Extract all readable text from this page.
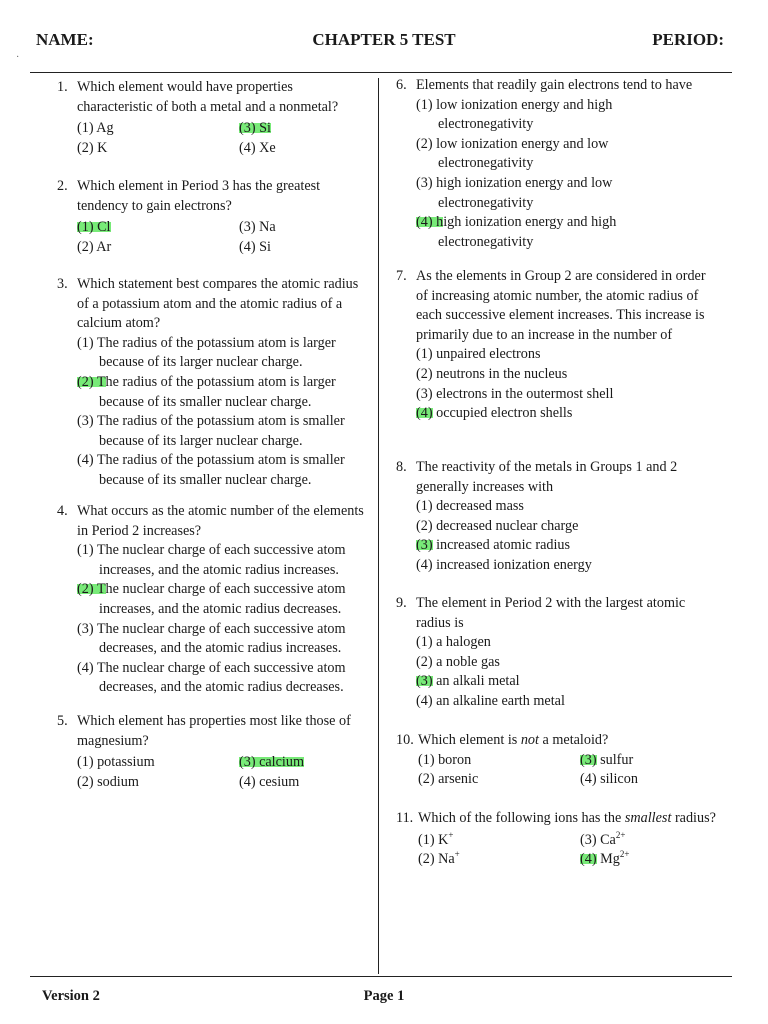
NAME:	CHAPTER 5 TEST	PERIOD:
·
1. Which element would have properties characteristic of both a metal and a nonmetal?
(1) Ag	(3) Si
(2) K	(4) Xe
2. Which element in Period 3 has the greatest tendency to gain electrons?
(1) Cl	(3) Na
(2) Ar	(4) Si
3. Which statement best compares the atomic radius of a potassium atom and the atomic radius of a calcium atom?
(1) The radius of the potassium atom is larger because of its larger nuclear charge.
(2) The radius of the potassium atom is larger because of its smaller nuclear charge.
(3) The radius of the potassium atom is smaller because of its larger nuclear charge.
(4) The radius of the potassium atom is smaller because of its smaller nuclear charge.
4. What occurs as the atomic number of the elements in Period 2 increases?
(1) The nuclear charge of each successive atom increases, and the atomic radius increases.
(2) The nuclear charge of each successive atom increases, and the atomic radius decreases.
(3) The nuclear charge of each successive atom decreases, and the atomic radius increases.
(4) The nuclear charge of each successive atom decreases, and the atomic radius decreases.
5. Which element has properties most like those of magnesium?
(1) potassium	(3) calcium
(2) sodium	(4) cesium
6. Elements that readily gain electrons tend to have
(1) low ionization energy and high electronegativity
(2) low ionization energy and low electronegativity
(3) high ionization energy and low electronegativity
(4) high ionization energy and high electronegativity
7. As the elements in Group 2 are considered in order of increasing atomic number, the atomic radius of each successive element increases. This increase is primarily due to an increase in the number of
(1) unpaired electrons
(2) neutrons in the nucleus
(3) electrons in the outermost shell
(4) occupied electron shells
8. The reactivity of the metals in Groups 1 and 2 generally increases with
(1) decreased mass
(2) decreased nuclear charge
(3) increased atomic radius
(4) increased ionization energy
9. The element in Period 2 with the largest atomic radius is
(1) a halogen
(2) a noble gas
(3) an alkali metal
(4) an alkaline earth metal
10. Which element is not a metaloid?
(1) boron	(3) sulfur
(2) arsenic	(4) silicon
11. Which of the following ions has the smallest radius?
(1) K+	(3) $Ca^{2+}$
(2) Na+	(4) $Mg^{2+}$
Version 2	Page 1
